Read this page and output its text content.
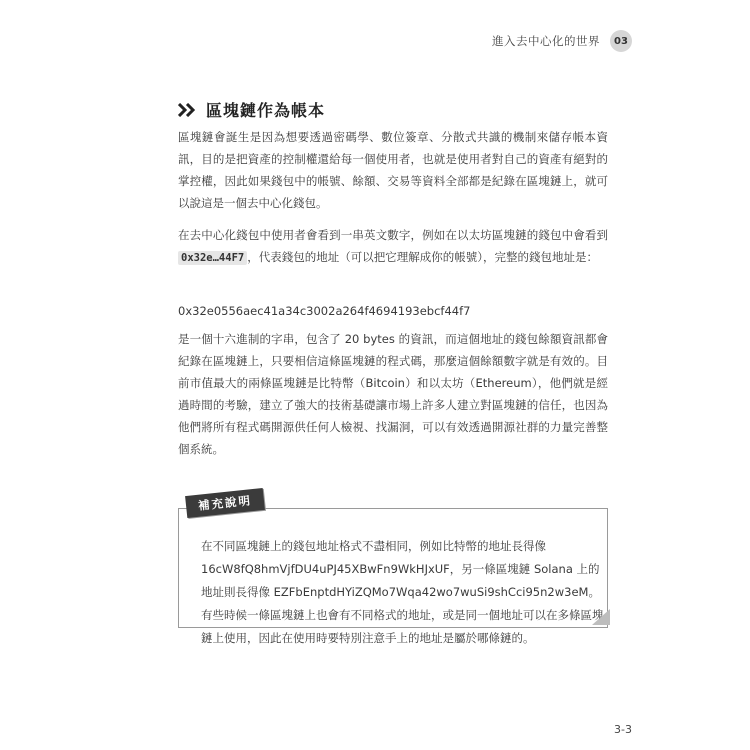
進入去中心化的世界	03
區塊鏈作為帳本

區塊鏈會誕生是因為想要透過密碼學、數位簽章、分散式共識的機制來儲存帳本資訊，目的是把資產的控制權還給每一個使用者，也就是使用者對自己的資產有絕對的掌控權，因此如果錢包中的帳號、餘額、交易等資料全部都是紀錄在區塊鏈上，就可以說這是一個去中心化錢包。

在去中心化錢包中使用者會看到一串英文數字，例如在以太坊區塊鏈的錢包中會看到 0x32e…44F7 ，代表錢包的地址（可以把它理解成你的帳號），完整的錢包地址是：

0x32e0556aec41a34c3002a264f4694193ebcf44f7

是一個十六進制的字串，包含了 20 bytes 的資訊，而這個地址的錢包餘額資訊都會紀錄在區塊鏈上，只要相信這條區塊鏈的程式碼，那麼這個餘額數字就是有效的。目前市值最大的兩條區塊鏈是比特幣（Bitcoin）和以太坊（Ethereum），他們就是經過時間的考驗，建立了強大的技術基礎讓市場上許多人建立對區塊鏈的信任，也因為他們將所有程式碼開源供任何人檢視、找漏洞，可以有效透過開源社群的力量完善整個系統。

在不同區塊鏈上的錢包地址格式不盡相同，例如比特幣的地址長得像 16cW8fQ8hmVjfDU4uPJ45XBwFn9WkHJxUF，另一條區塊鏈 Solana 上的地址則長得像 EZFbEnptdHYiZQMo7Wqa42wo7wuSi9shCci95n2w3eM。有些時候一條區塊鏈上也會有不同格式的地址，或是同一個地址可以在多條區塊鏈上使用，因此在使用時要特別注意手上的地址是屬於哪條鏈的。

補充說明
3-3
